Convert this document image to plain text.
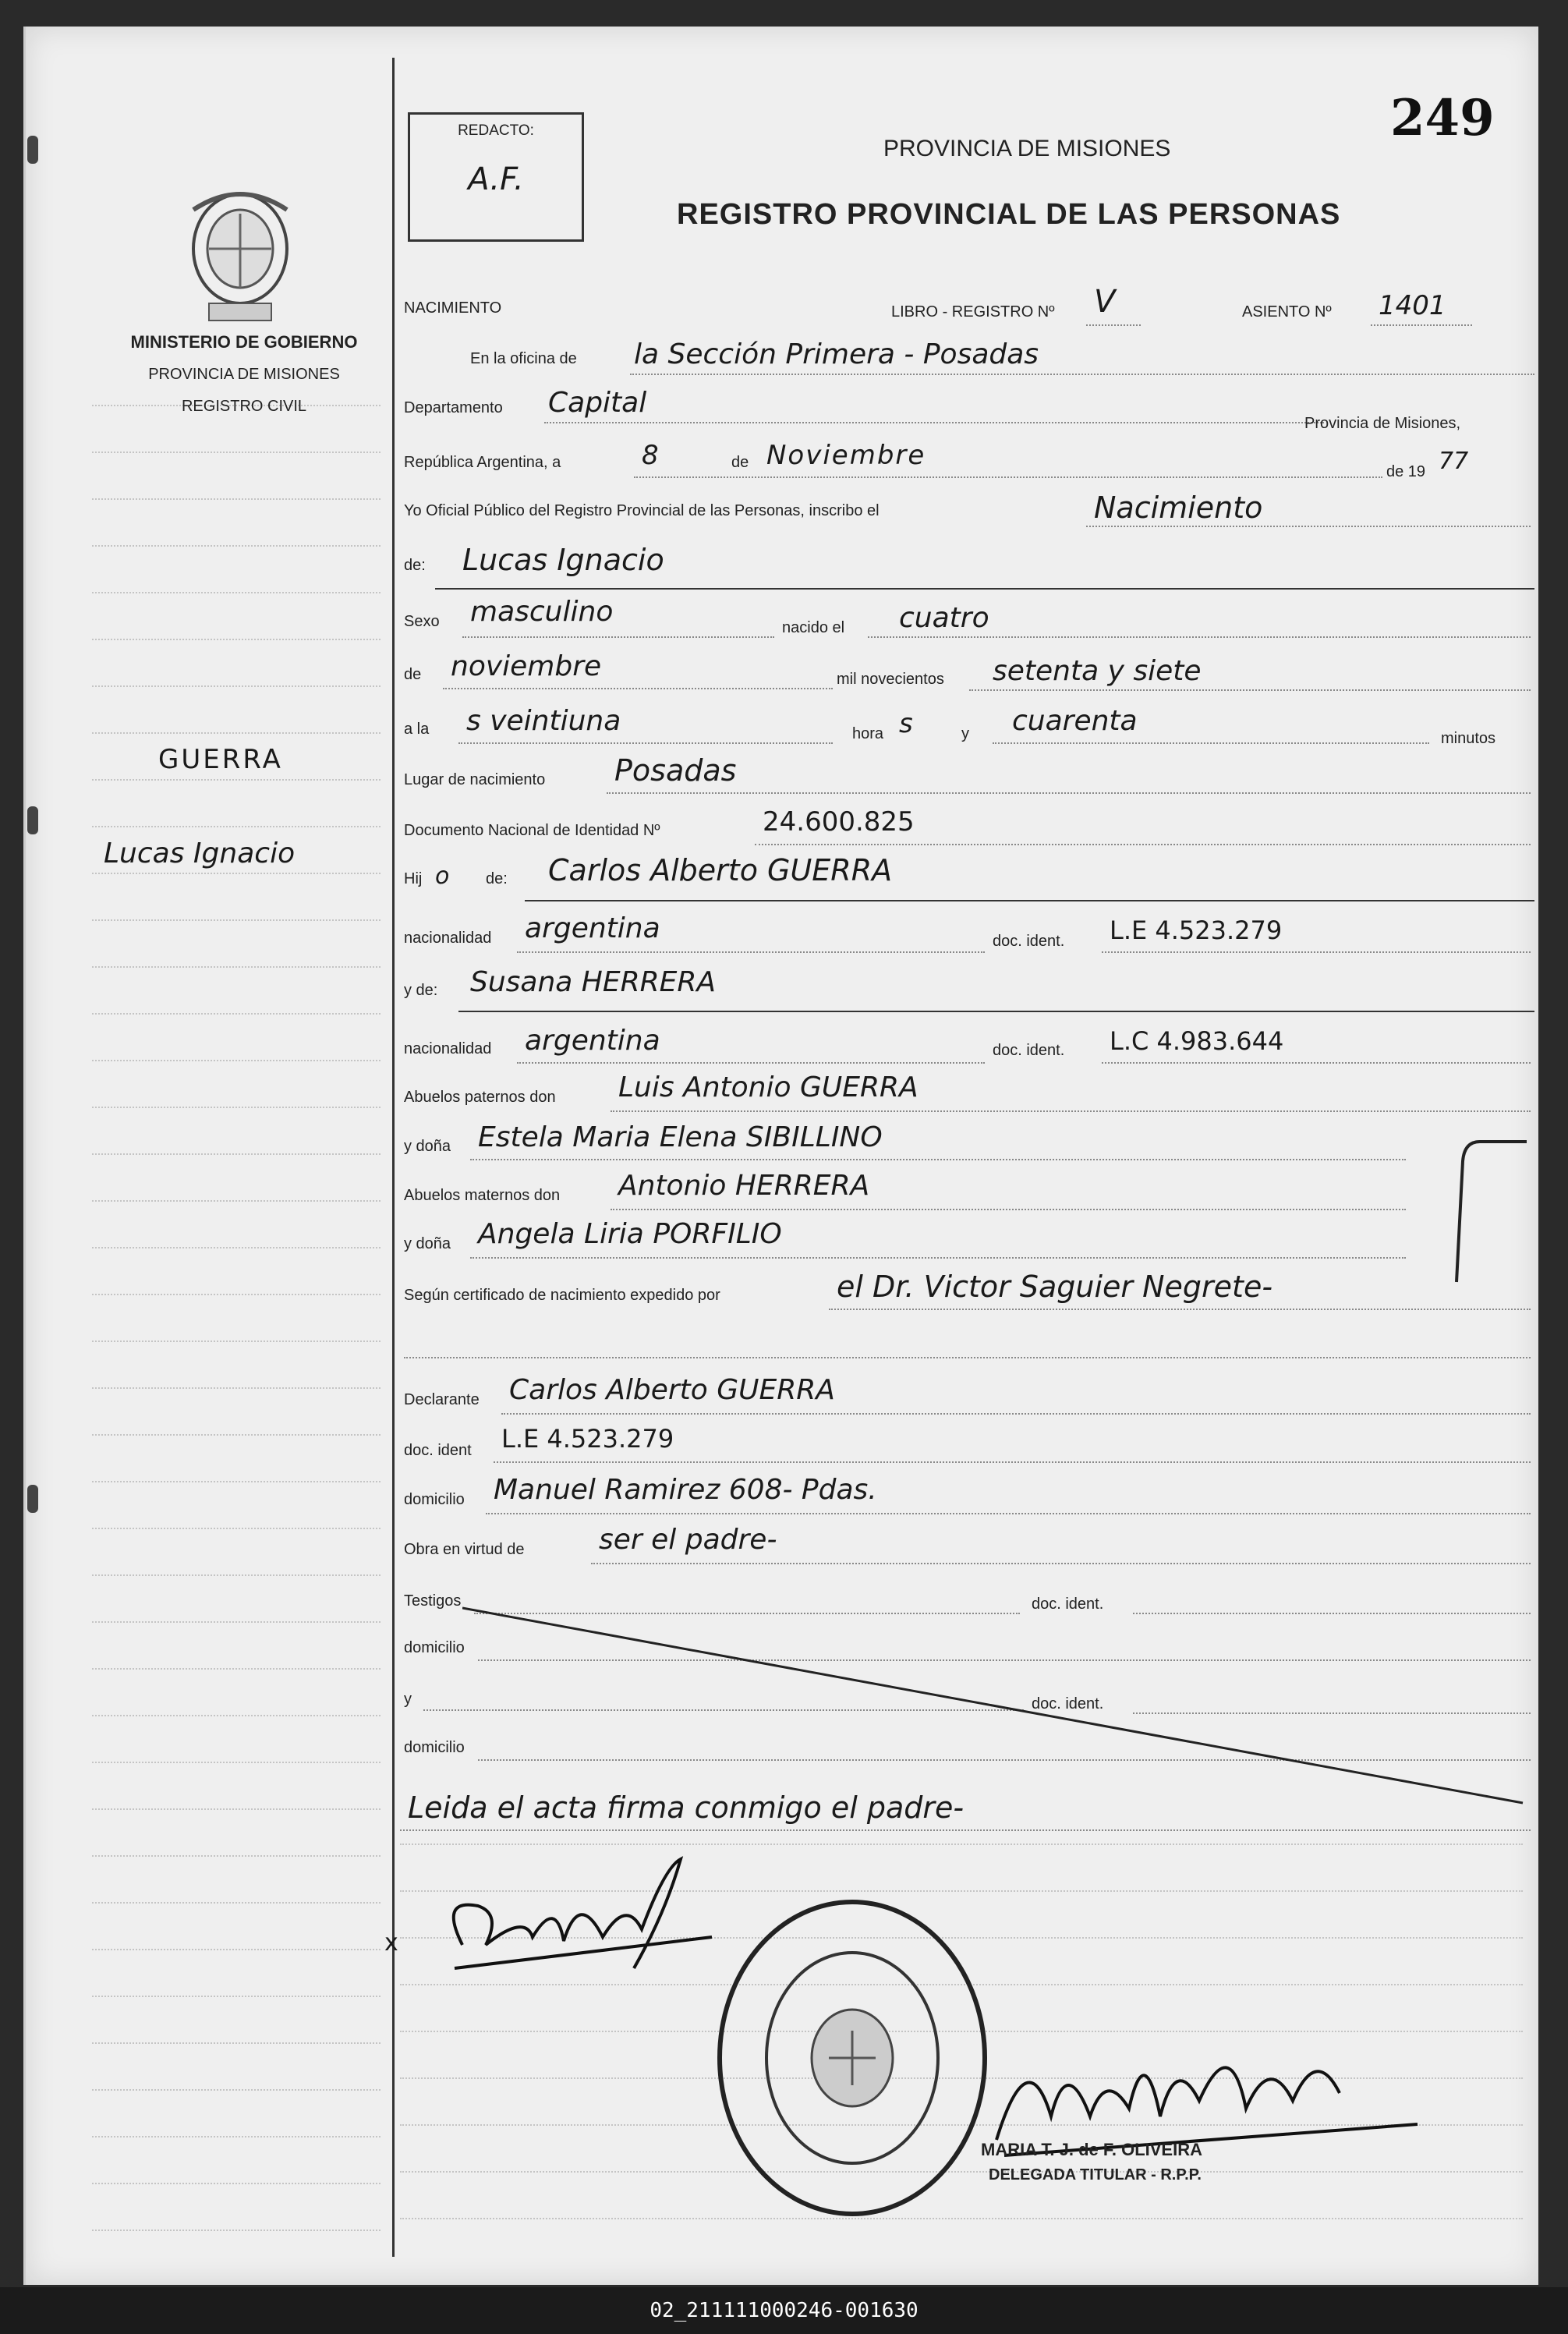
MINISTERIO DE GOBIERNO
PROVINCIA DE MISIONES
REGISTRO CIVIL
GUERRA
Lucas Ignacio
REDACTO:
A.F.
249
PROVINCIA DE MISIONES
REGISTRO PROVINCIAL DE LAS PERSONAS
NACIMIENTO	LIBRO - REGISTRO Nº V	ASIENTO Nº 1401
En la oficina de la Sección Primera - Posadas
Departamento Capital
Provincia de Misiones,
República Argentina, a	8	de Noviembre
de 19 77
Yo Oficial Público del Registro Provincial de las Personas, inscribo el	Nacimiento
de: Lucas Ignacio
Sexo masculino	nacido el cuatro
de noviembre	mil novecientos setenta y siete
a la s veintiuna	hora s	y cuarenta
minutos
Lugar de nacimiento Posadas
Documento Nacional de Identidad Nº	24.600.825
Hij o de: Carlos Alberto GUERRA
nacionalidad argentina	doc. ident. L.E 4.523.279
y de: Susana HERRERA
nacionalidad argentina	doc. ident. L.C 4.983.644
Abuelos paternos don Luis Antonio GUERRA
y doña Estela Maria Elena SIBILLINO
Abuelos maternos don Antonio HERRERA
y doña Angela Liria PORFILIO
Según certificado de nacimiento expedido por	el Dr. Victor Saguier Negrete-
Declarante Carlos Alberto GUERRA
doc. ident L.E 4.523.279
domicilio Manuel Ramirez 608- Pdas.
Obra en virtud de	ser el padre-
Testigos	doc. ident.
domicilio
y	doc. ident.
domicilio
Leida el acta firma conmigo el padre-
x
MARIA T. J. de F. OLIVEIRA
DELEGADA TITULAR - R.P.P.
02_211111000246-001630
